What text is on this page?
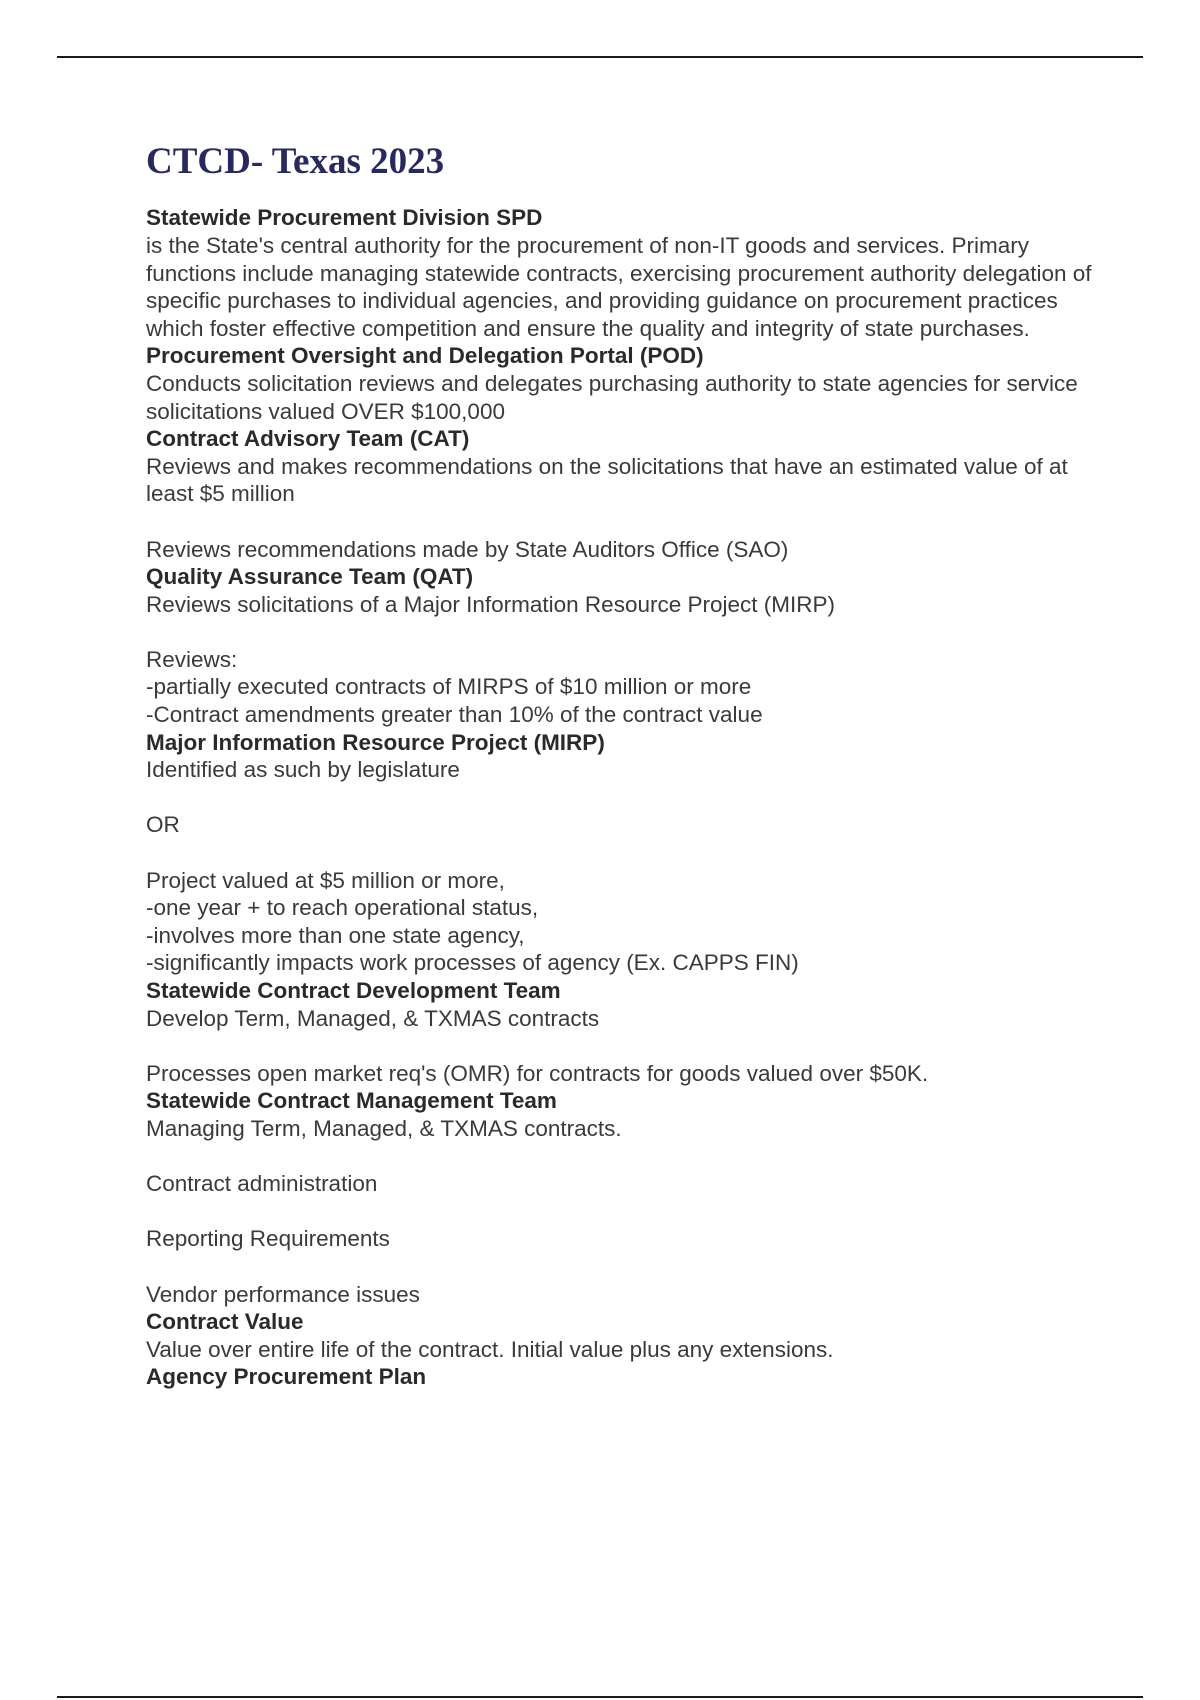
CTCD- Texas 2023
Statewide Procurement Division SPD
is the State's central authority for the procurement of non-IT goods and services. Primary functions include managing statewide contracts, exercising procurement authority delegation of specific purchases to individual agencies, and providing guidance on procurement practices which foster effective competition and ensure the quality and integrity of state purchases.
Procurement Oversight and Delegation Portal (POD)
Conducts solicitation reviews and delegates purchasing authority to state agencies for service solicitations valued OVER $100,000
Contract Advisory Team (CAT)
Reviews and makes recommendations on the solicitations that have an estimated value of at least $5 million

Reviews recommendations made by State Auditors Office (SAO)
Quality Assurance Team (QAT)
Reviews solicitations of a Major Information Resource Project (MIRP)

Reviews:
-partially executed contracts of MIRPS of $10 million or more
-Contract amendments greater than 10% of the contract value
Major Information Resource Project (MIRP)
Identified as such by legislature

OR

Project valued at $5 million or more,
-one year + to reach operational status,
-involves more than one state agency,
-significantly impacts work processes of agency (Ex. CAPPS FIN)
Statewide Contract Development Team
Develop Term, Managed, & TXMAS contracts

Processes open market req's (OMR) for contracts for goods valued over $50K.
Statewide Contract Management Team
Managing Term, Managed, & TXMAS contracts.

Contract administration

Reporting Requirements

Vendor performance issues
Contract Value
Value over entire life of the contract. Initial value plus any extensions.
Agency Procurement Plan
